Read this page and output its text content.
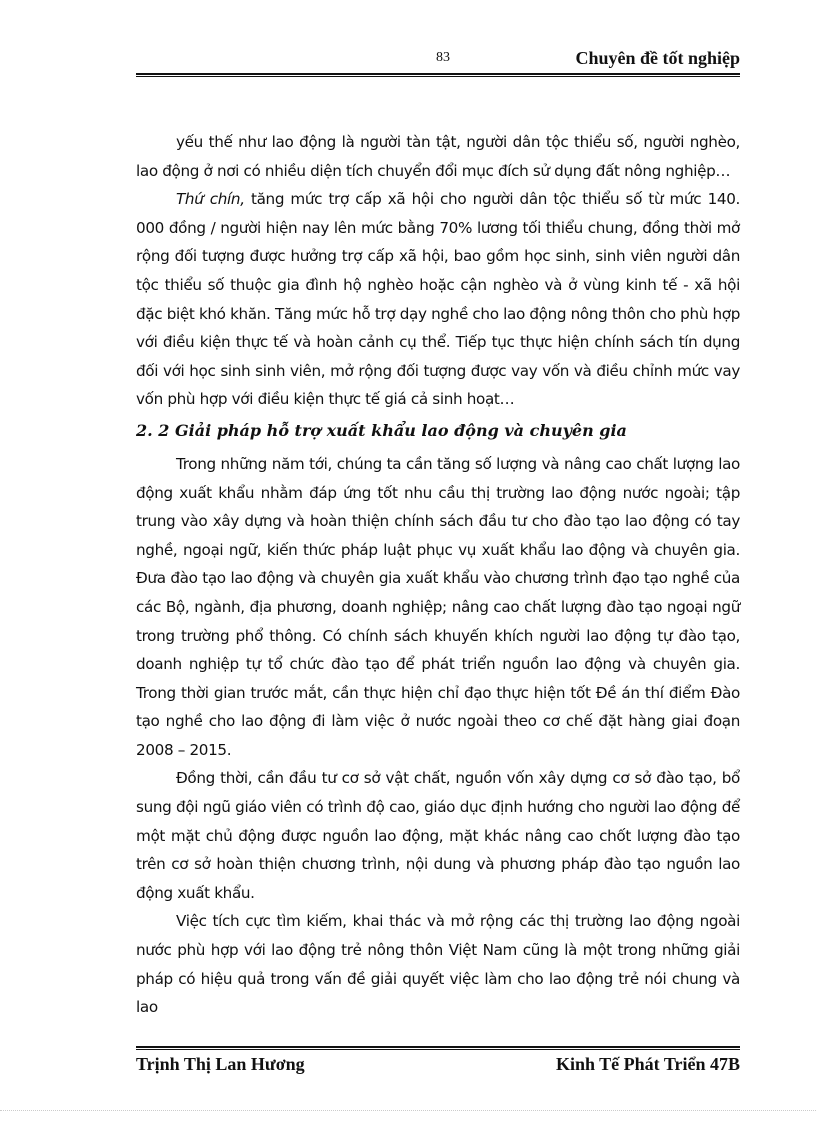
83	Chuyên đề tốt nghiệp

yếu thế như lao động là người tàn tật, người dân tộc thiểu số, người nghèo, lao động ở nơi có nhiều diện tích chuyển đổi mục đích sử dụng đất nông nghiệp…

Thứ chín, tăng mức trợ cấp xã hội cho người dân tộc thiểu số từ mức 140. 000 đồng / người hiện nay lên mức bằng 70% lương tối thiểu chung, đồng thời mở rộng đối tượng được hưởng trợ cấp xã hội, bao gồm học sinh, sinh viên người dân tộc thiểu số thuộc gia đình hộ nghèo hoặc cận nghèo và ở vùng kinh tế - xã hội đặc biệt khó khăn. Tăng mức hỗ trợ dạy nghề cho lao động nông thôn cho phù hợp với điều kiện thực tế và hoàn cảnh cụ thể. Tiếp tục thực hiện chính sách tín dụng đối với học sinh sinh viên, mở rộng đối tượng được vay vốn và điều chỉnh mức vay vốn phù hợp với điều kiện thực tế giá cả sinh hoạt…

2. 2 Giải pháp hỗ trợ xuất khẩu lao động và chuyên gia

Trong những năm tới, chúng ta cần tăng số lượng và nâng cao chất lượng lao động xuất khẩu nhằm đáp ứng tốt nhu cầu thị trường lao động nước ngoài; tập trung vào xây dựng và hoàn thiện chính sách đầu tư cho đào tạo lao động có tay nghề, ngoại ngữ, kiến thức pháp luật phục vụ xuất khẩu lao động và chuyên gia. Đưa đào tạo lao động và chuyên gia xuất khẩu vào chương trình đạo tạo nghề của các Bộ, ngành, địa phương, doanh nghiệp; nâng cao chất lượng đào tạo ngoại ngữ trong trường phổ thông. Có chính sách khuyến khích người lao động tự đào tạo, doanh nghiệp tự tổ chức đào tạo để phát triển nguồn lao động và chuyên gia. Trong thời gian trước mắt, cần thực hiện chỉ đạo thực hiện tốt Đề án thí điểm Đào tạo nghề cho lao động đi làm việc ở nước ngoài theo cơ chế đặt hàng giai đoạn 2008 – 2015.

Đồng thời, cần đầu tư cơ sở vật chất, nguồn vốn xây dựng cơ sở đào tạo, bổ sung đội ngũ giáo viên có trình độ cao, giáo dục định hướng cho người lao động để một mặt chủ động được nguồn lao động, mặt khác nâng cao chốt lượng đào tạo trên cơ sở hoàn thiện chương trình, nội dung và phương pháp đào tạo nguồn lao động xuất khẩu.

Việc tích cực tìm kiếm, khai thác và mở rộng các thị trường lao động ngoài nước phù hợp với lao động trẻ nông thôn Việt Nam cũng là một trong những giải pháp có hiệu quả trong vấn đề giải quyết việc làm cho lao động trẻ nói chung và lao

Trịnh Thị Lan Hương	Kinh Tế Phát Triển 47B
